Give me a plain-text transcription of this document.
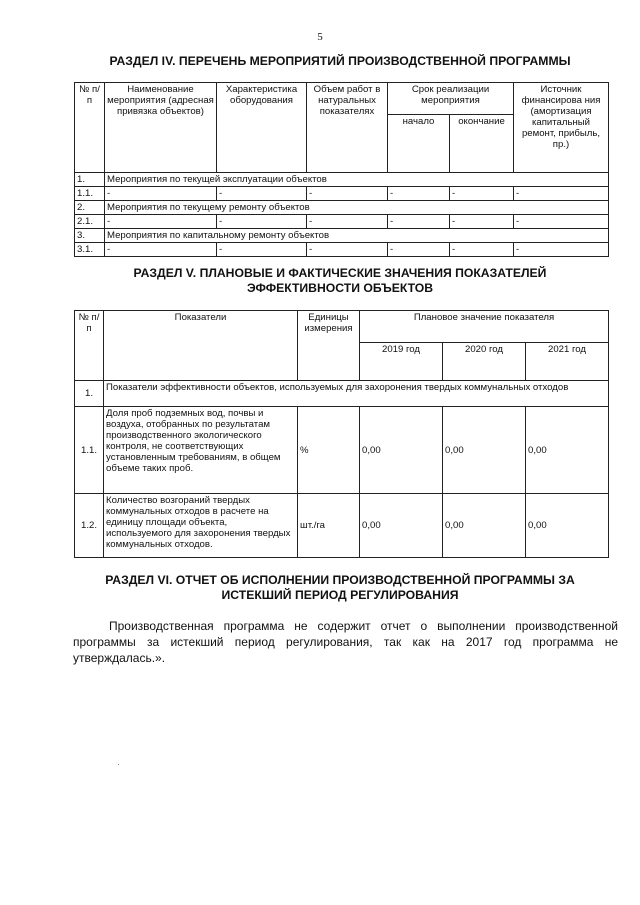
5
РАЗДЕЛ IV. ПЕРЕЧЕНЬ МЕРОПРИЯТИЙ ПРОИЗВОДСТВЕННОЙ ПРОГРАММЫ
№ п/п	Наименование мероприятия (адресная привязка объектов)	Характеристика оборудования	Объем работ в натуральных показателях	Срок реализации мероприятия		Источник финансирова ния (амортизация капитальный ремонт, прибыль, пр.)
				начало	окончание	
1.	Мероприятия по текущей эксплуатации объектов					
1.1.	-	-	-	-	-	-
2.	Мероприятия по текущему ремонту объектов					
2.1.	-	-	-	-	-	-
3.	Мероприятия по капитальному ремонту объектов					
3.1.	-	-	-	-	-	-
РАЗДЕЛ V. ПЛАНОВЫЕ И ФАКТИЧЕСКИЕ ЗНАЧЕНИЯ ПОКАЗАТЕЛЕЙ
ЭФФЕКТИВНОСТИ ОБЪЕКТОВ
№ п/п	Показатели	Единицы измерения	Плановое значение показателя		
			2019 год	2020 год	2021 год
1.	Показатели эффективности объектов, используемых для захоронения твердых коммунальных отходов				
1.1.	Доля проб подземных вод, почвы и воздуха, отобранных по результатам производственного экологического контроля, не соответствующих установленным требованиям, в общем объеме таких проб.	%	0,00	0,00	0,00
1.2.	Количество возгораний твердых коммунальных отходов в расчете на единицу площади объекта, используемого для захоронения твердых коммунальных отходов.	шт./га	0,00	0,00	0,00
РАЗДЕЛ VI. ОТЧЕТ ОБ ИСПОЛНЕНИИ ПРОИЗВОДСТВЕННОЙ ПРОГРАММЫ ЗА
ИСТЕКШИЙ ПЕРИОД РЕГУЛИРОВАНИЯ

Производственная программа не содержит отчет о выполнении производственной программы за истекший период регулирования, так как на 2017 год программа не утверждалась.».
